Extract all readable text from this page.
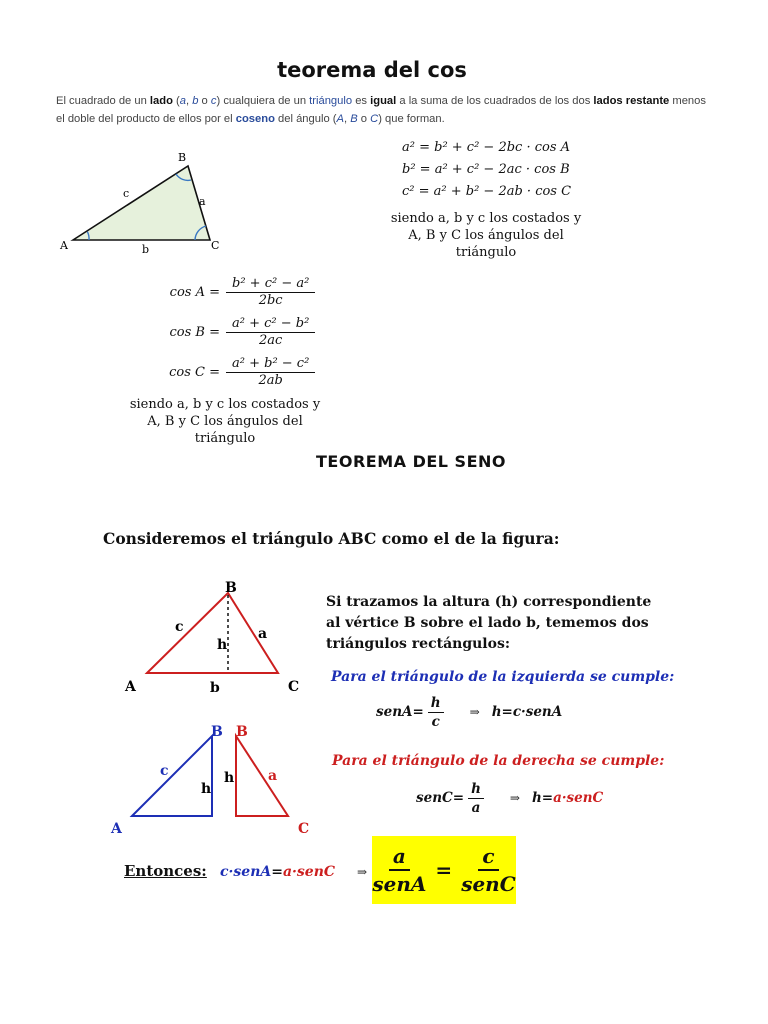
teorema del cos
El cuadrado de un lado (a, b o c) cualquiera de un triángulo es igual a la suma de los cuadrados de los dos lados restante menos el doble del producto de ellos por el coseno del ángulo (A, B o C) que forman.
A
B
C
c
a
b
a² = b² + c² − 2bc · cos A
b² = a² + c² − 2ac · cos B
c² = a² + b² − 2ab · cos C
siendo a, b y c los costados y
A, B y C los ángulos del
triángulo
$\cos A = \frac{\text{b² + c² − a²}}{2bc}$
$\cos B = \frac{\text{a² + c² − b²}}{2ac}$
$\cos C = \frac{\text{a² + b² − c²}}{2ab}$
siendo a, b y c los costados y
A, B y C los ángulos del
triángulo
TEOREMA DEL SENO
Consideremos el triángulo ABC como el de la figura:
A
B
C
c	a
b
h
A
B
c
h
B
C
a
h
Si trazamos la altura (h) correspondiente al vértice B sobre el lado b, tememos dos triángulos rectángulos:
Para el triángulo de la izquierda se cumple:
senA= $\frac{h}{c}$ ⇒ h=c·senA
Para el triángulo de la derecha se cumple:
senC= $\frac{h}{a}$ ⇒ h=a·senC
Entonces: c·senA=a·senC ⇒
a
senA
=
c
senC
